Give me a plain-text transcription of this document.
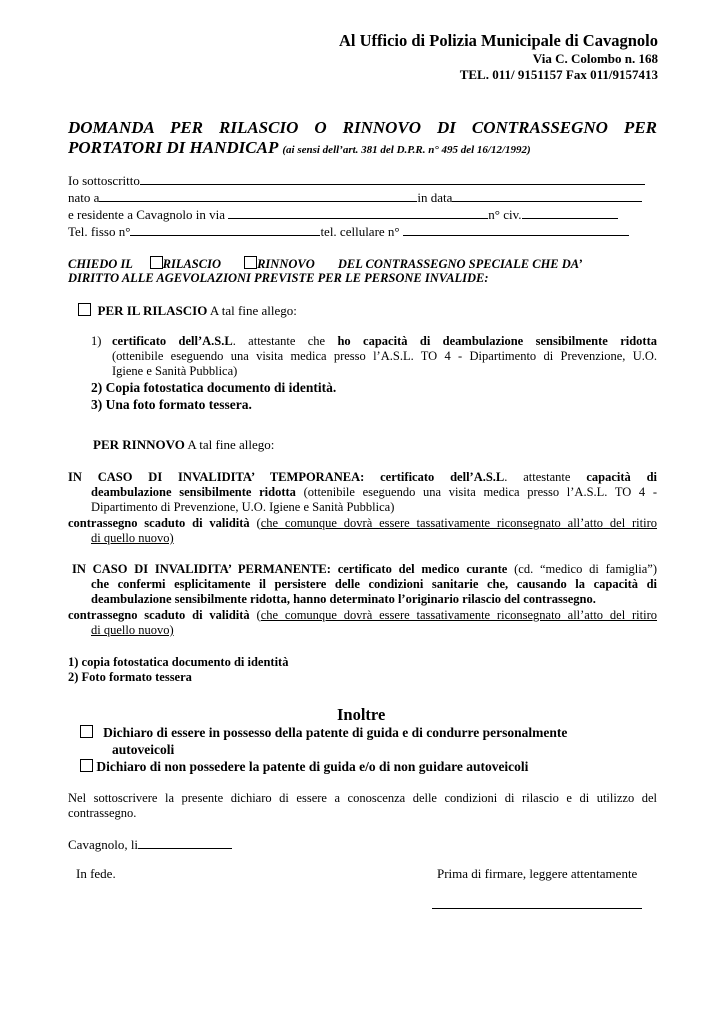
Al Ufficio di Polizia Municipale di Cavagnolo
Via C. Colombo n. 168
TEL. 011/ 9151157 Fax 011/9157413
DOMANDA PER RILASCIO O RINNOVO DI CONTRASSEGNO PER
PORTATORI DI HANDICAP (ai sensi dell’art. 381 del D.P.R. n° 495 del 16/12/1992)
Io sottoscritto
nato a	in data
e residente a Cavagnolo in via	n° civ.
Tel. fisso n°	tel. cellulare n°
CHIEDO IL RILASCIO	RINNOVO DEL CONTRASSEGNO SPECIALE CHE DA’
DIRITTO ALLE AGEVOLAZIONI PREVISTE PER LE PERSONE INVALIDE:
PER IL RILASCIO A tal fine allego:
1) certificato dell’A.S.L. attestante che ho capacità di deambulazione sensibilmente ridotta
(ottenibile eseguendo una visita medica presso l’A.S.L. TO 4 - Dipartimento di Prevenzione, U.O.
Igiene e Sanità Pubblica)
2) Copia fotostatica documento di identità.
3) Una foto formato tessera.
PER RINNOVO A tal fine allego:
IN CASO DI INVALIDITA’ TEMPORANEA: certificato dell’A.S.L. attestante capacità di
deambulazione sensibilmente ridotta (ottenibile eseguendo una visita medica presso l’A.S.L. TO 4 -
Dipartimento di Prevenzione, U.O. Igiene e Sanità Pubblica)
contrassegno scaduto di validità (che comunque dovrà essere tassativamente riconsegnato all’atto del ritiro
di quello nuovo)
IN CASO DI INVALIDITA’ PERMANENTE: certificato del medico curante (cd. “medico di famiglia”)
che confermi esplicitamente il persistere delle condizioni sanitarie che, causando la capacità di
deambulazione sensibilmente ridotta, hanno determinato l’originario rilascio del contrassegno.
contrassegno scaduto di validità (che comunque dovrà essere tassativamente riconsegnato all’atto del ritiro
di quello nuovo)
1) copia fotostatica documento di identità
2) Foto formato tessera
Inoltre
Dichiaro di essere in possesso della patente di guida e di condurre personalmente
autoveicoli
Dichiaro di non possedere la patente di guida e/o di non guidare autoveicoli
Nel sottoscrivere la presente dichiaro di essere a conoscenza delle condizioni di rilascio e di utilizzo del
contrassegno.
Cavagnolo, li
In fede.	Prima di firmare, leggere attentamente
